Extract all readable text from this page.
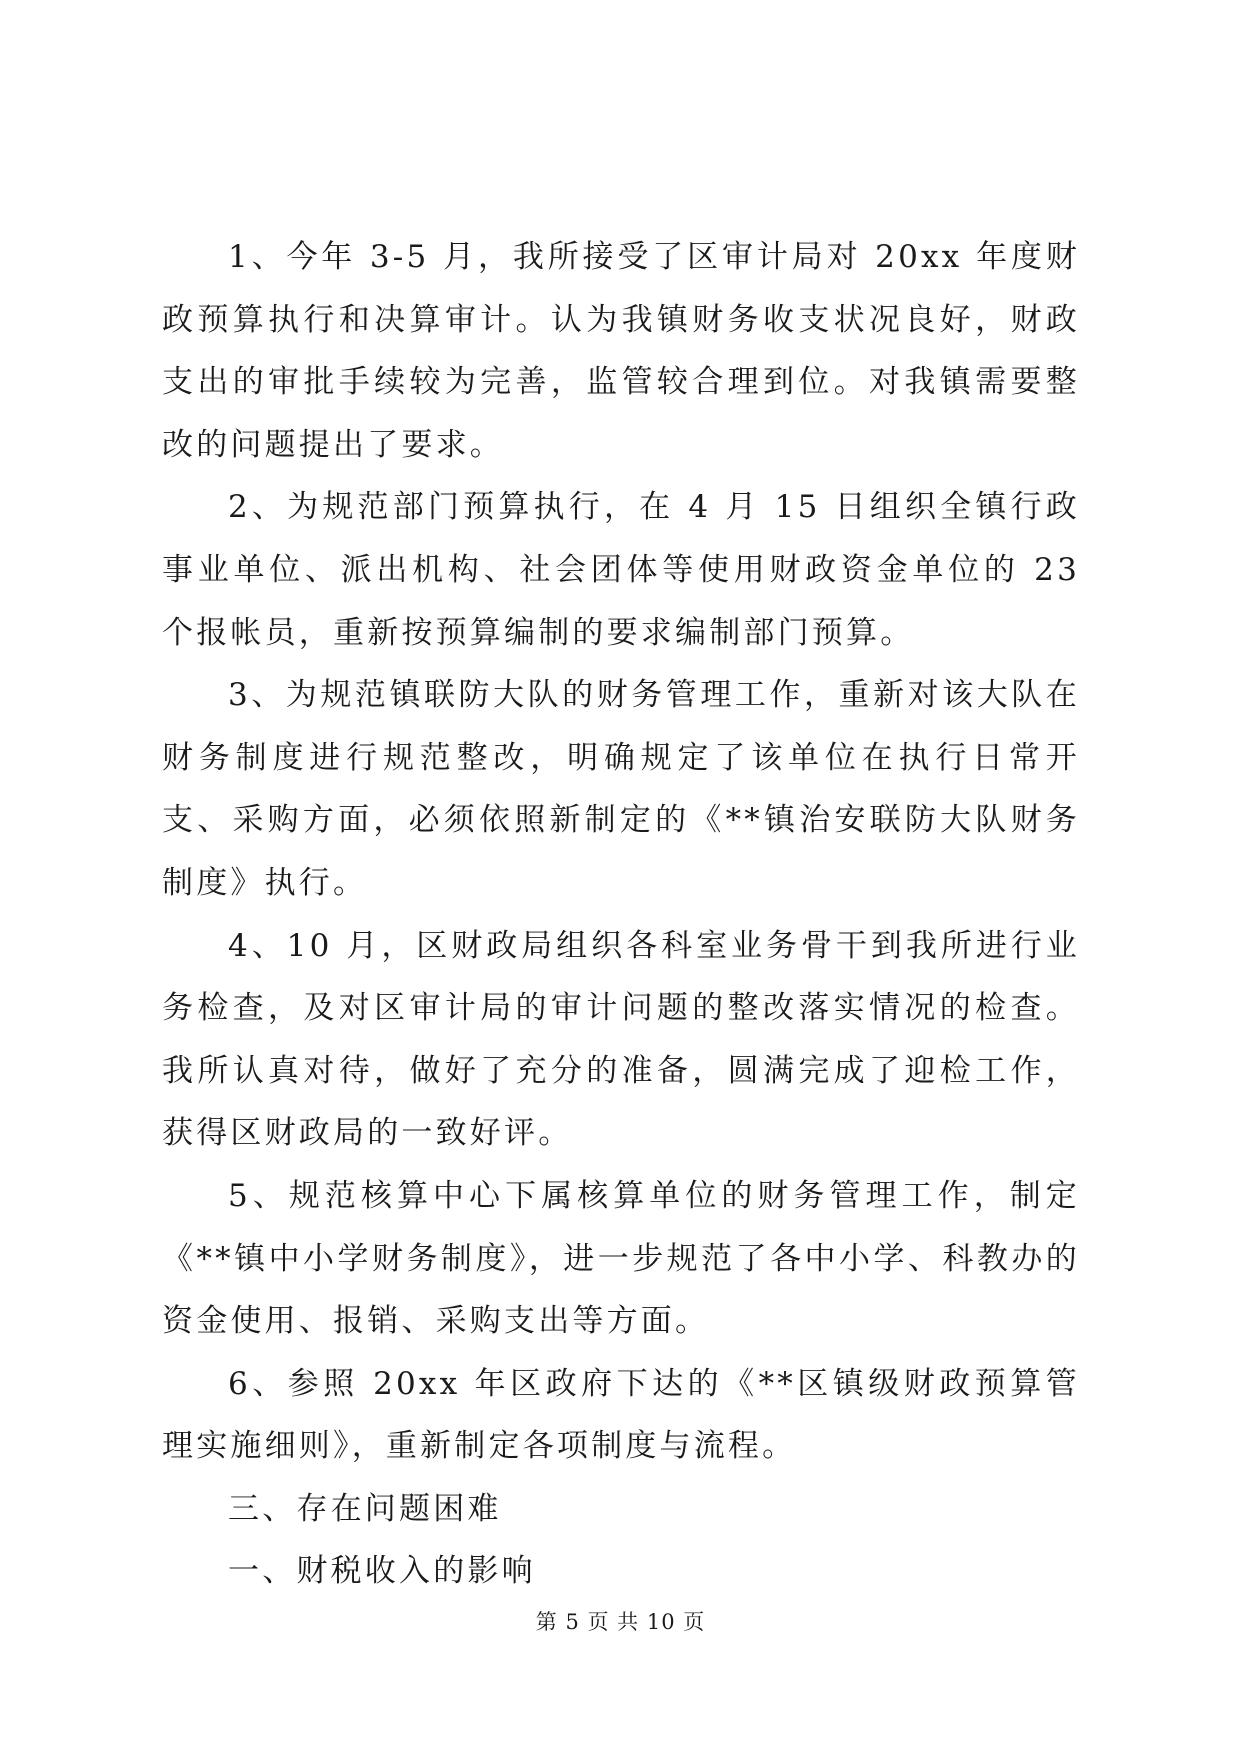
1、今年 3-5 月，我所接受了区审计局对 20xx 年度财政预算执行和决算审计。认为我镇财务收支状况良好，财政支出的审批手续较为完善，监管较合理到位。对我镇需要整改的问题提出了要求。

2、为规范部门预算执行，在 4 月 15 日组织全镇行政事业单位、派出机构、社会团体等使用财政资金单位的 23 个报帐员，重新按预算编制的要求编制部门预算。

3、为规范镇联防大队的财务管理工作，重新对该大队在财务制度进行规范整改，明确规定了该单位在执行日常开支、采购方面，必须依照新制定的《**镇治安联防大队财务制度》执行。

4、10 月，区财政局组织各科室业务骨干到我所进行业务检查，及对区审计局的审计问题的整改落实情况的检查。我所认真对待，做好了充分的准备，圆满完成了迎检工作，获得区财政局的一致好评。

5、规范核算中心下属核算单位的财务管理工作，制定《**镇中小学财务制度》，进一步规范了各中小学、科教办的资金使用、报销、采购支出等方面。

6、参照 20xx 年区政府下达的《**区镇级财政预算管理实施细则》，重新制定各项制度与流程。

三、存在问题困难

一、财税收入的影响

第 5 页 共 10 页
